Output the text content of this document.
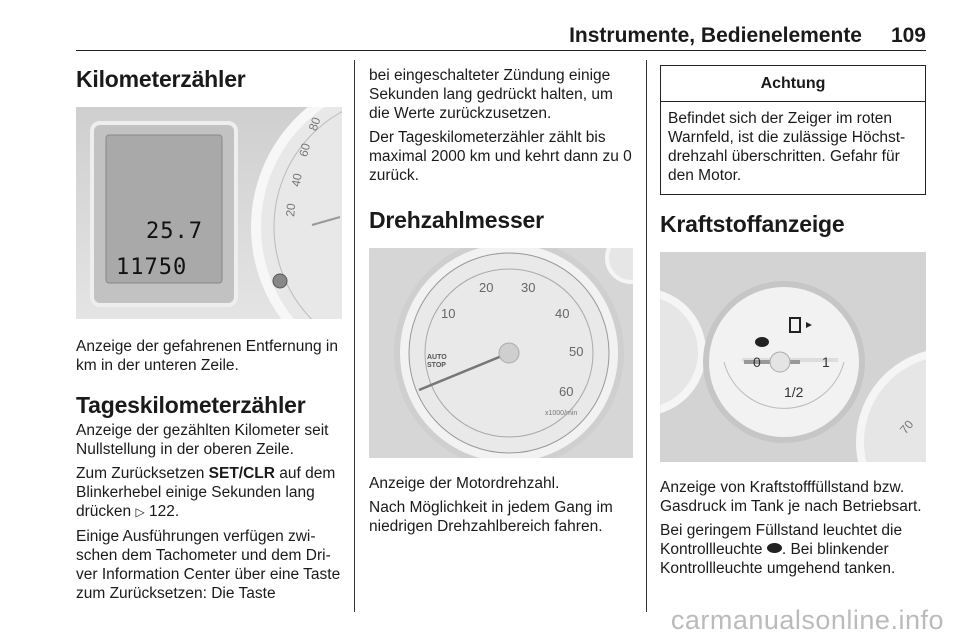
Instrumente, Bedienelemente 109
Kilometerzähler
25.7
11750
80
60
40
20

Anzeige der gefahrenen Entfernung in km in der unteren Zeile.

Tageskilometerzähler

Anzeige der gezählten Kilometer seit Nullstellung in der oberen Zeile.

Zum Zurücksetzen SET/CLR auf dem Blinkerhebel einige Sekunden lang drücken ▷ 122.

Einige Ausführungen verfügen zwischen dem Tachometer und dem Driver Information Center über eine Taste zum Zurücksetzen: Die Taste

bei eingeschalteter Zündung einige Sekunden lang gedrückt halten, um die Werte zurückzusetzen.

Der Tageskilometerzähler zählt bis maximal 2000 km und kehrt dann zu 0 zurück.

Drehzahlmesser
10
20 30
40
50
60
AUTO STOP
x1000/min

Anzeige der Motordrehzahl.

Nach Möglichkeit in jedem Gang im niedrigen Drehzahlbereich fahren.

Achtung
Befindet sich der Zeiger im roten Warnfeld, ist die zulässige Höchstdrehzahl überschritten. Gefahr für den Motor.
Kraftstoffanzeige
0
1/2
1
70

Anzeige von Kraftstofffüllstand bzw. Gasdruck im Tank je nach Betriebsart.

Bei geringem Füllstand leuchtet die Kontrollleuchte . Bei blinkender Kontrollleuchte umgehend tanken.

carmanualsonline.info
